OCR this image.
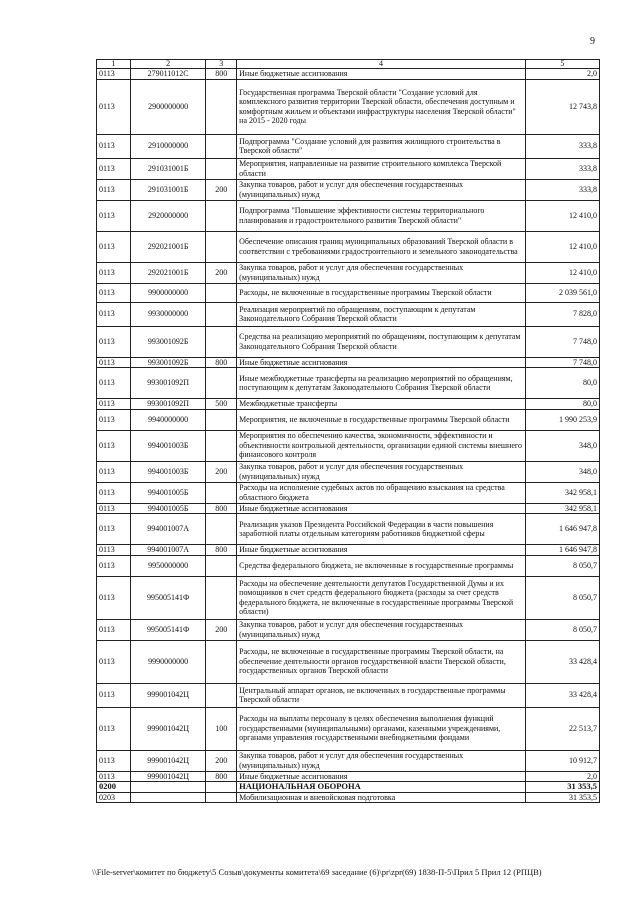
9
1	2	3	4	5
0113	279011012С	800	Иные бюджетные ассигнования	2,0
0113	2900000000		Государственная программа Тверской области "Создание условий для комплексного развития территории Тверской области, обеспечения доступным и комфортным жильем и объектами инфраструктуры населения Тверской области" на 2015 - 2020 годы	12 743,8
0113	2910000000		Подпрограмма "Создание условий для развития жилищного строительства в Тверской области"	333,8
0113	291031001Б		Мероприятия, направленные на развитие строительного комплекса Тверской области	333,8
0113	291031001Б	200	Закупка товаров, работ и услуг для обеспечения государственных (муниципальных) нужд	333,8
0113	2920000000		Подпрограмма "Повышение эффективности системы территориального планирования и градостроительного развития Тверской области"	12 410,0
0113	292021001Б		Обеспечение описания границ муниципальных образований Тверской области в соответствии с требованиями градостроительного и земельного законодательства	12 410,0
0113	292021001Б	200	Закупка товаров, работ и услуг для обеспечения государственных (муниципальных) нужд	12 410,0
0113	9900000000		Расходы, не включенные в государственные программы Тверской области	2 039 561,0
0113	9930000000		Реализация мероприятий по обращениям, поступающим к депутатам Законодательного Собрания Тверской области	7 828,0
0113	993001092Б		Средства на реализацию мероприятий по обращениям, поступающим к депутатам Законодательного Собрания Тверской области	7 748,0
0113	993001092Б	800	Иные бюджетные ассигнования	7 748,0
0113	993001092П		Иные межбюджетные трансферты на реализацию мероприятий по обращениям, поступающим к депутатам Законодательного Собрания Тверской области	80,0
0113	993001092П	500	Межбюджетные трансферты	80,0
0113	9940000000		Мероприятия, не включенные в государственные программы Тверской области	1 990 253,9
0113	994001003Б		Мероприятия по обеспечению качества, экономичности, эффективности и объективности контрольной деятельности, организации единой системы внешнего финансового контроля	348,0
0113	994001003Б	200	Закупка товаров, работ и услуг для обеспечения государственных (муниципальных) нужд	348,0
0113	994001005Б		Расходы на исполнение судебных актов по обращению взыскания на средства областного бюджета	342 958,1
0113	994001005Б	800	Иные бюджетные ассигнования	342 958,1
0113	994001007А		Реализация указов Президента Российской Федерации в части повышения заработной платы отдельным категориям работников бюджетной сферы	1 646 947,8
0113	994001007А	800	Иные бюджетные ассигнования	1 646 947,8
0113	9950000000		Средства федерального бюджета, не включенные в государственные программы	8 050,7
0113	995005141Ф		Расходы на обеспечение деятельности депутатов Государственной Думы и их помощников в счет средств федерального бюджета (расходы за счет средств федерального бюджета, не включенные в государственные программы Тверской области)	8 050,7
0113	995005141Ф	200	Закупка товаров, работ и услуг для обеспечения государственных (муниципальных) нужд	8 050,7
0113	9990000000		Расходы, не включенные в государственные программы Тверской области, на обеспечение деятельности органов государственной власти Тверской области, государственных органов Тверской области	33 428,4
0113	999001042Ц		Центральный аппарат органов, не включенных в государственные программы Тверской области	33 428,4
0113	999001042Ц	100	Расходы на выплаты персоналу в целях обеспечения выполнения функций государственными (муниципальными) органами, казенными учреждениями, органами управления государственными внебюджетными фондами	22 513,7
0113	999001042Ц	200	Закупка товаров, работ и услуг для обеспечения государственных (муниципальных) нужд	10 912,7
0113	999001042Ц	800	Иные бюджетные ассигнования	2,0
0200			НАЦИОНАЛЬНАЯ ОБОРОНА	31 353,5
0203			Мобилизационная и вневойсковая подготовка	31 353,5
\\File-server\комитет по бюджету\5 Созыв\документы комитета\69 заседание (6)\pr\zpr(69) 1838-П-5\Прил 5 Прил 12 (РПЦВ)
